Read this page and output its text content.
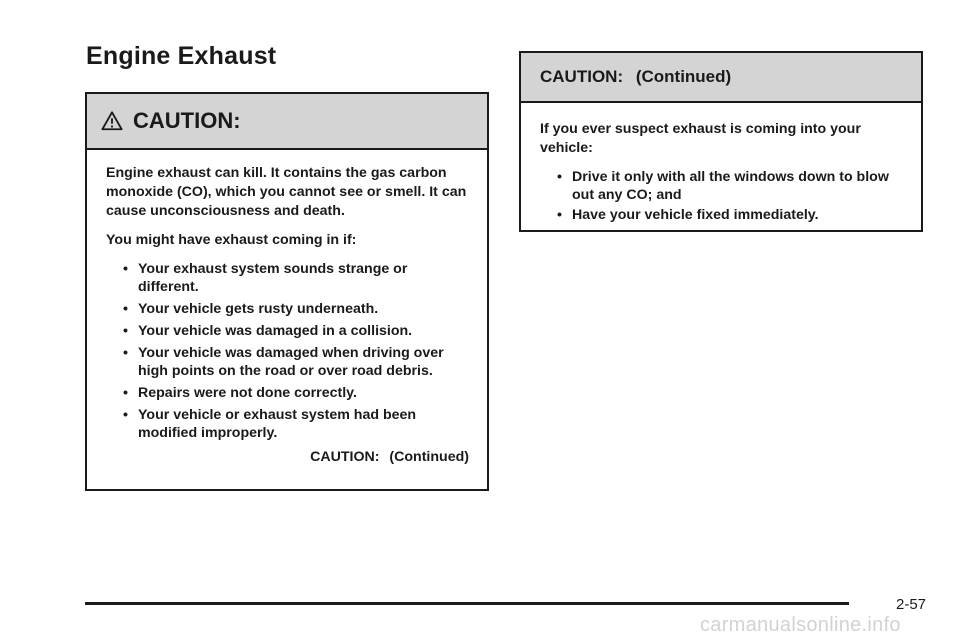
Engine Exhaust
CAUTION:

Engine exhaust can kill. It contains the gas carbon monoxide (CO), which you cannot see or smell. It can cause unconsciousness and death.

You might have exhaust coming in if:

• Your exhaust system sounds strange or different.
• Your vehicle gets rusty underneath.
• Your vehicle was damaged in a collision.
• Your vehicle was damaged when driving over high points on the road or over road debris.
• Repairs were not done correctly.
• Your vehicle or exhaust system had been modified improperly.
CAUTION: (Continued)
CAUTION: (Continued)

If you ever suspect exhaust is coming into your vehicle:

• Drive it only with all the windows down to blow out any CO; and
• Have your vehicle fixed immediately.
2-57
carmanualsonline.info
